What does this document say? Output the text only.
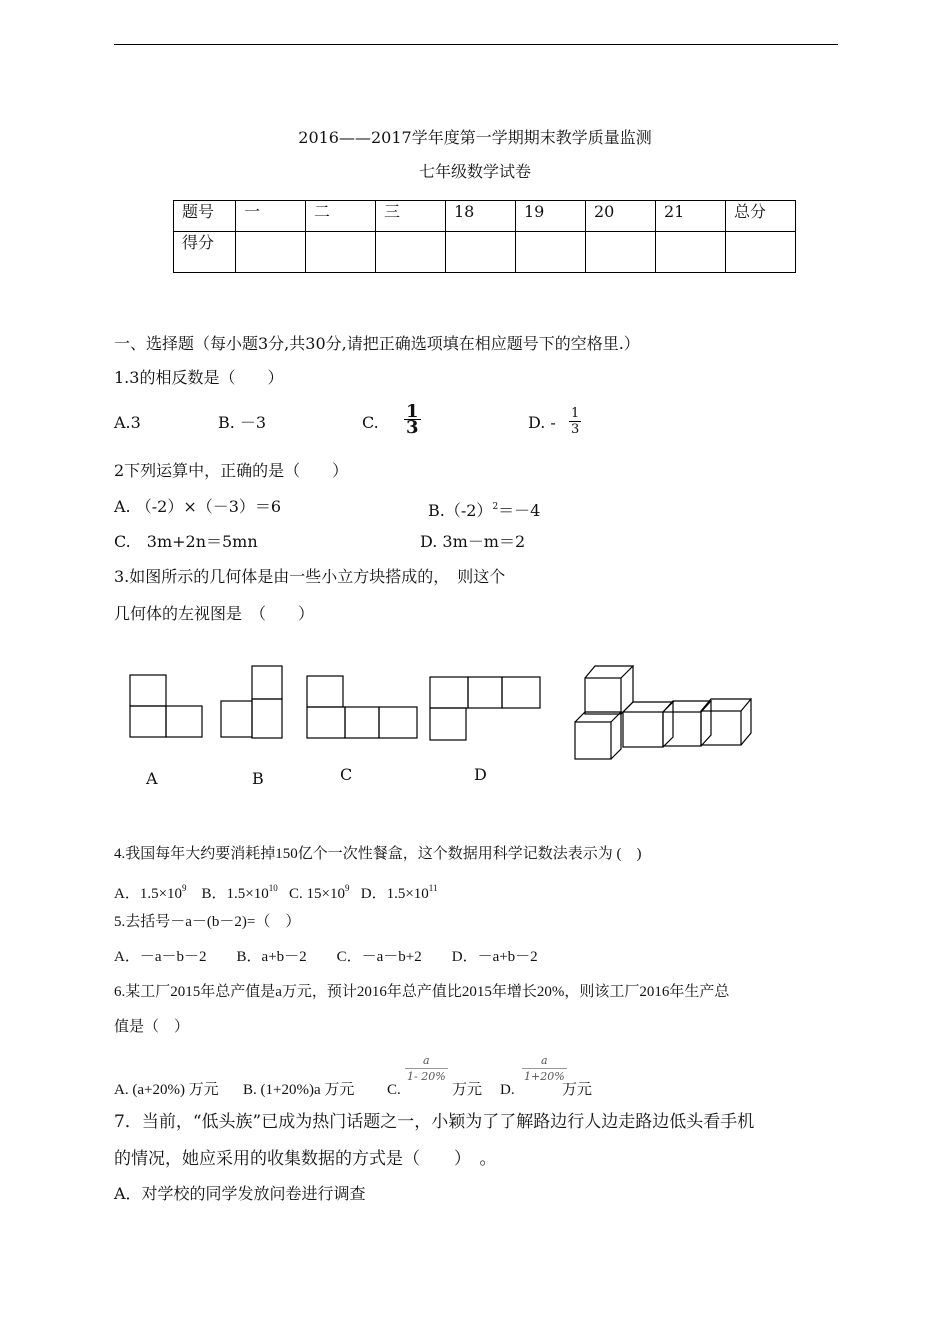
2016——2017学年度第一学期期末教学质量监测
七年级数学试卷
题号	一	二	三	18	19	20	21	总分
得分								
一、选择题（每小题3分,共30分,请把正确选项填在相应题号下的空格里.）
1.3的相反数是（　　）
A.3	B. －3	C. $\frac{1}{3}$	D. - $\frac{1}{3}$
2下列运算中，正确的是（　　）
A. （-2）×（－3）＝6	$B.(-2)^2=-4$
C.　3m+2n＝5mn	D. 3m－m＝2
3.如图所示的几何体是由一些小立方块搭成的，　则这个
几何体的左视图是　（　　）
A	B	C	D
4.我国每年大约要消耗掉150亿个一次性餐盒，这个数据用科学记数法表示为 (　)
A．$1.5\times 10^9$ B．$1.5\times 10^{10}$ C. $15\times 10^9$ D．$1.5\times 10^{11}$
5.去括号－a－(b－2)=（　）
A．－a－b－2　　B．a+b－2　　C．－a－b+2　　D．－a+b－2
6.某工厂2015年总产值是a万元，预计2016年总产值比2015年增长20%，则该工厂2016年生产总
值是（　）
A. (a+20%) 万元 B. (1+20%)a 万元 C.
$\frac{a}{1- 20\%}$
万元 D.
$\frac{a}{1+20\%}$
万元
7．当前，“低头族”已成为热门话题之一，小颖为了了解路边行人边走路边低头看手机
的情况，她应采用的收集数据的方式是（　　）　。
A．对学校的同学发放问卷进行调查
